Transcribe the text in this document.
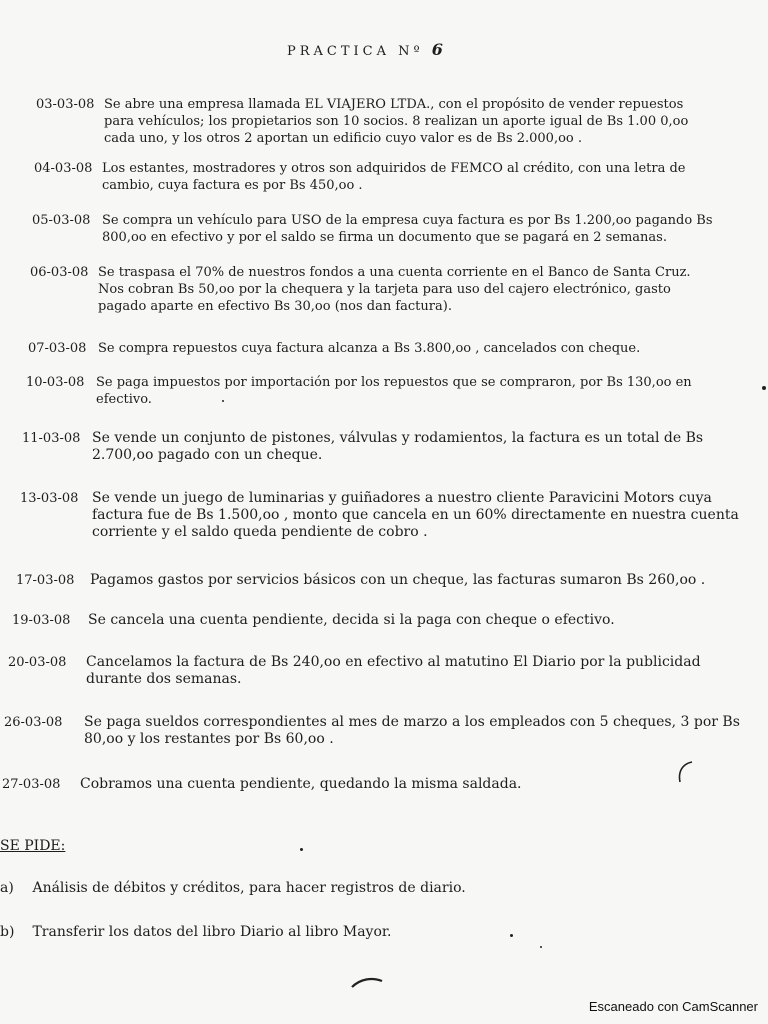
PRACTICA Nº 6
03-03-08 Se abre una empresa llamada EL VIAJERO LTDA., con el propósito de vender repuestos para vehículos; los propietarios son 10 socios. 8 realizan un aporte igual de Bs 1.00 0,oo cada uno, y los otros 2 aportan un edificio cuyo valor es de Bs 2.000,oo .
04-03-08 Los estantes, mostradores y otros son adquiridos de FEMCO al crédito, con una letra de cambio, cuya factura es por Bs 450,oo .
05-03-08 Se compra un vehículo para USO de la empresa cuya factura es por Bs 1.200,oo pagando Bs 800,oo en efectivo y por el saldo se firma un documento que se pagará en 2 semanas.
06-03-08 Se traspasa el 70% de nuestros fondos a una cuenta corriente en el Banco de Santa Cruz. Nos cobran Bs 50,oo por la chequera y la tarjeta para uso del cajero electrónico, gasto pagado aparte en efectivo Bs 30,oo (nos dan factura).
07-03-08 Se compra repuestos cuya factura alcanza a Bs 3.800,oo , cancelados con cheque.
10-03-08 Se paga impuestos por importación por los repuestos que se compraron, por Bs 130,oo en efectivo.
11-03-08 Se vende un conjunto de pistones, válvulas y rodamientos, la factura es un total de Bs 2.700,oo pagado con un cheque.
13-03-08 Se vende un juego de luminarias y guiñadores a nuestro cliente Paravicini Motors cuya factura fue de Bs 1.500,oo , monto que cancela en un 60% directamente en nuestra cuenta corriente y el saldo queda pendiente de cobro .
17-03-08 Pagamos gastos por servicios básicos con un cheque, las facturas sumaron Bs 260,oo .
19-03-08 Se cancela una cuenta pendiente, decida si la paga con cheque o efectivo.
20-03-08 Cancelamos la factura de Bs 240,oo en efectivo al matutino El Diario por la publicidad durante dos semanas.
26-03-08 Se paga sueldos correspondientes al mes de marzo a los empleados con 5 cheques, 3 por Bs 80,oo y los restantes por Bs 60,oo .
27-03-08 Cobramos una cuenta pendiente, quedando la misma saldada.
SE PIDE:
a) Análisis de débitos y créditos, para hacer registros de diario.
b) Transferir los datos del libro Diario al libro Mayor.
Escaneado con CamScanner
